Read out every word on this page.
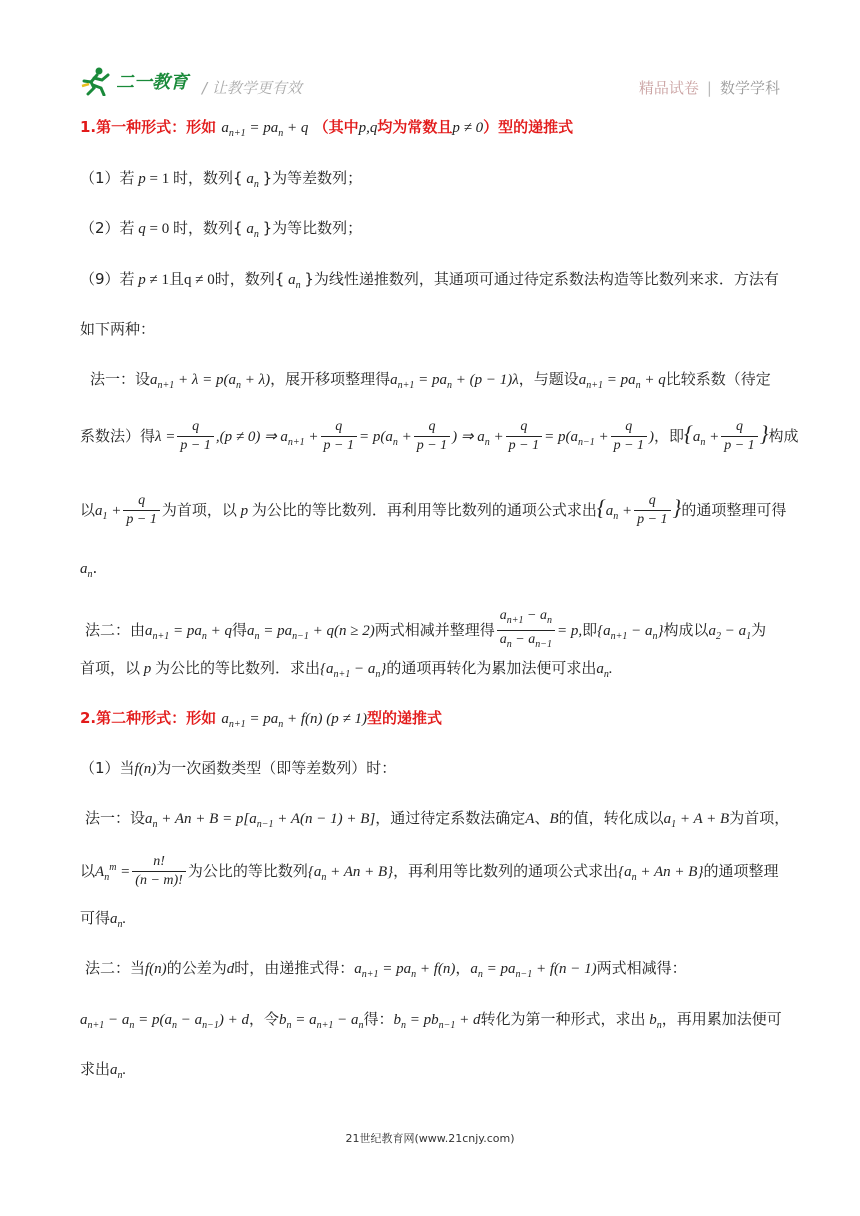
二一教育 / 让教学更有效	精品试卷 | 数学学科
1.第一种形式：形如 $a_{n+1} = pa_n + q$ （其中p,q均为常数且p ≠ 0）型的递推式
（1）若 p = 1 时，数列{ $a_n$ }为等差数列；
（2）若 q = 0 时，数列{ $a_n$ }为等比数列；
（9）若 p ≠ 1且q ≠ 0时，数列{ $a_n$ }为线性递推数列，其通项可通过待定系数法构造等比数列来求．方法有
如下两种：
法一：设$a_{n+1} + \lambda = p(a_n + \lambda)$，展开移项整理得$a_{n+1} = pa_n + (p - 1)\lambda$，与题设$a_{n+1} = pa_n + q$比较系数（待定
系数法）得$\lambda = \frac{q}{p - 1} ,(p \ne 0)$ ⇒ $a_{n+1} + \frac{q}{p - 1} = p(a_n + \frac{q}{p - 1}$ ) ⇒ $a_n + \frac{q}{p - 1} = p(a_{n-1} + \frac{q}{p - 1}$ )，即{$a_n + \frac{q}{p - 1}$ }构成
以$a_1 + \frac{q}{p - 1}$ 为首项，以 p 为公比的等比数列．再利用等比数列的通项公式求出{$a_n + \frac{q}{p - 1}$ }的通项整理可得
$a_n$.
法二：由$a_{n+1} = pa_n + q$得$a_n = pa_{n-1} + q(n \ge 2)$两式相减并整理得 $\frac{a_{n+1} - a_n}{a_n - a_{n-1}} = p$,即$\{a_{n+1} - a_n\}$构成以$a_2 - a_1$为
首项，以 p 为公比的等比数列．求出$\{a_{n+1} - a_n\}$的通项再转化为累加法便可求出$a_n$.
2.第二种形式：形如 $a_{n+1} = pa_n + f(n) (p \ne 1)$型的递推式
（1）当f(n)为一次函数类型（即等差数列）时：
法一：设$a_n + An + B = p[a_{n-1} + A(n - 1) + B]$，通过待定系数法确定A、B的值，转化成以$a_1 + A + B$为首项，
以$A_n^m = \frac{n!}{(n - m)!}$ 为公比的等比数列$\{a_n + An + B\}$，再利用等比数列的通项公式求出$\{a_n + An + B\}$的通项整理
可得$a_n$.
法二：当f(n)的公差为d时，由递推式得：$a_{n+1} = pa_n + f(n)$，$a_n = pa_{n-1} + f(n - 1)$两式相减得：
$a_{n+1} - a_n = p(a_n - a_{n-1}) + d$，令$b_n = a_{n+1} - a_n$得：$b_n = pb_{n-1} + d$转化为第一种形式，求出 $b_n$，再用累加法便可
求出$a_n$.
21世纪教育网(www.21cnjy.com)
